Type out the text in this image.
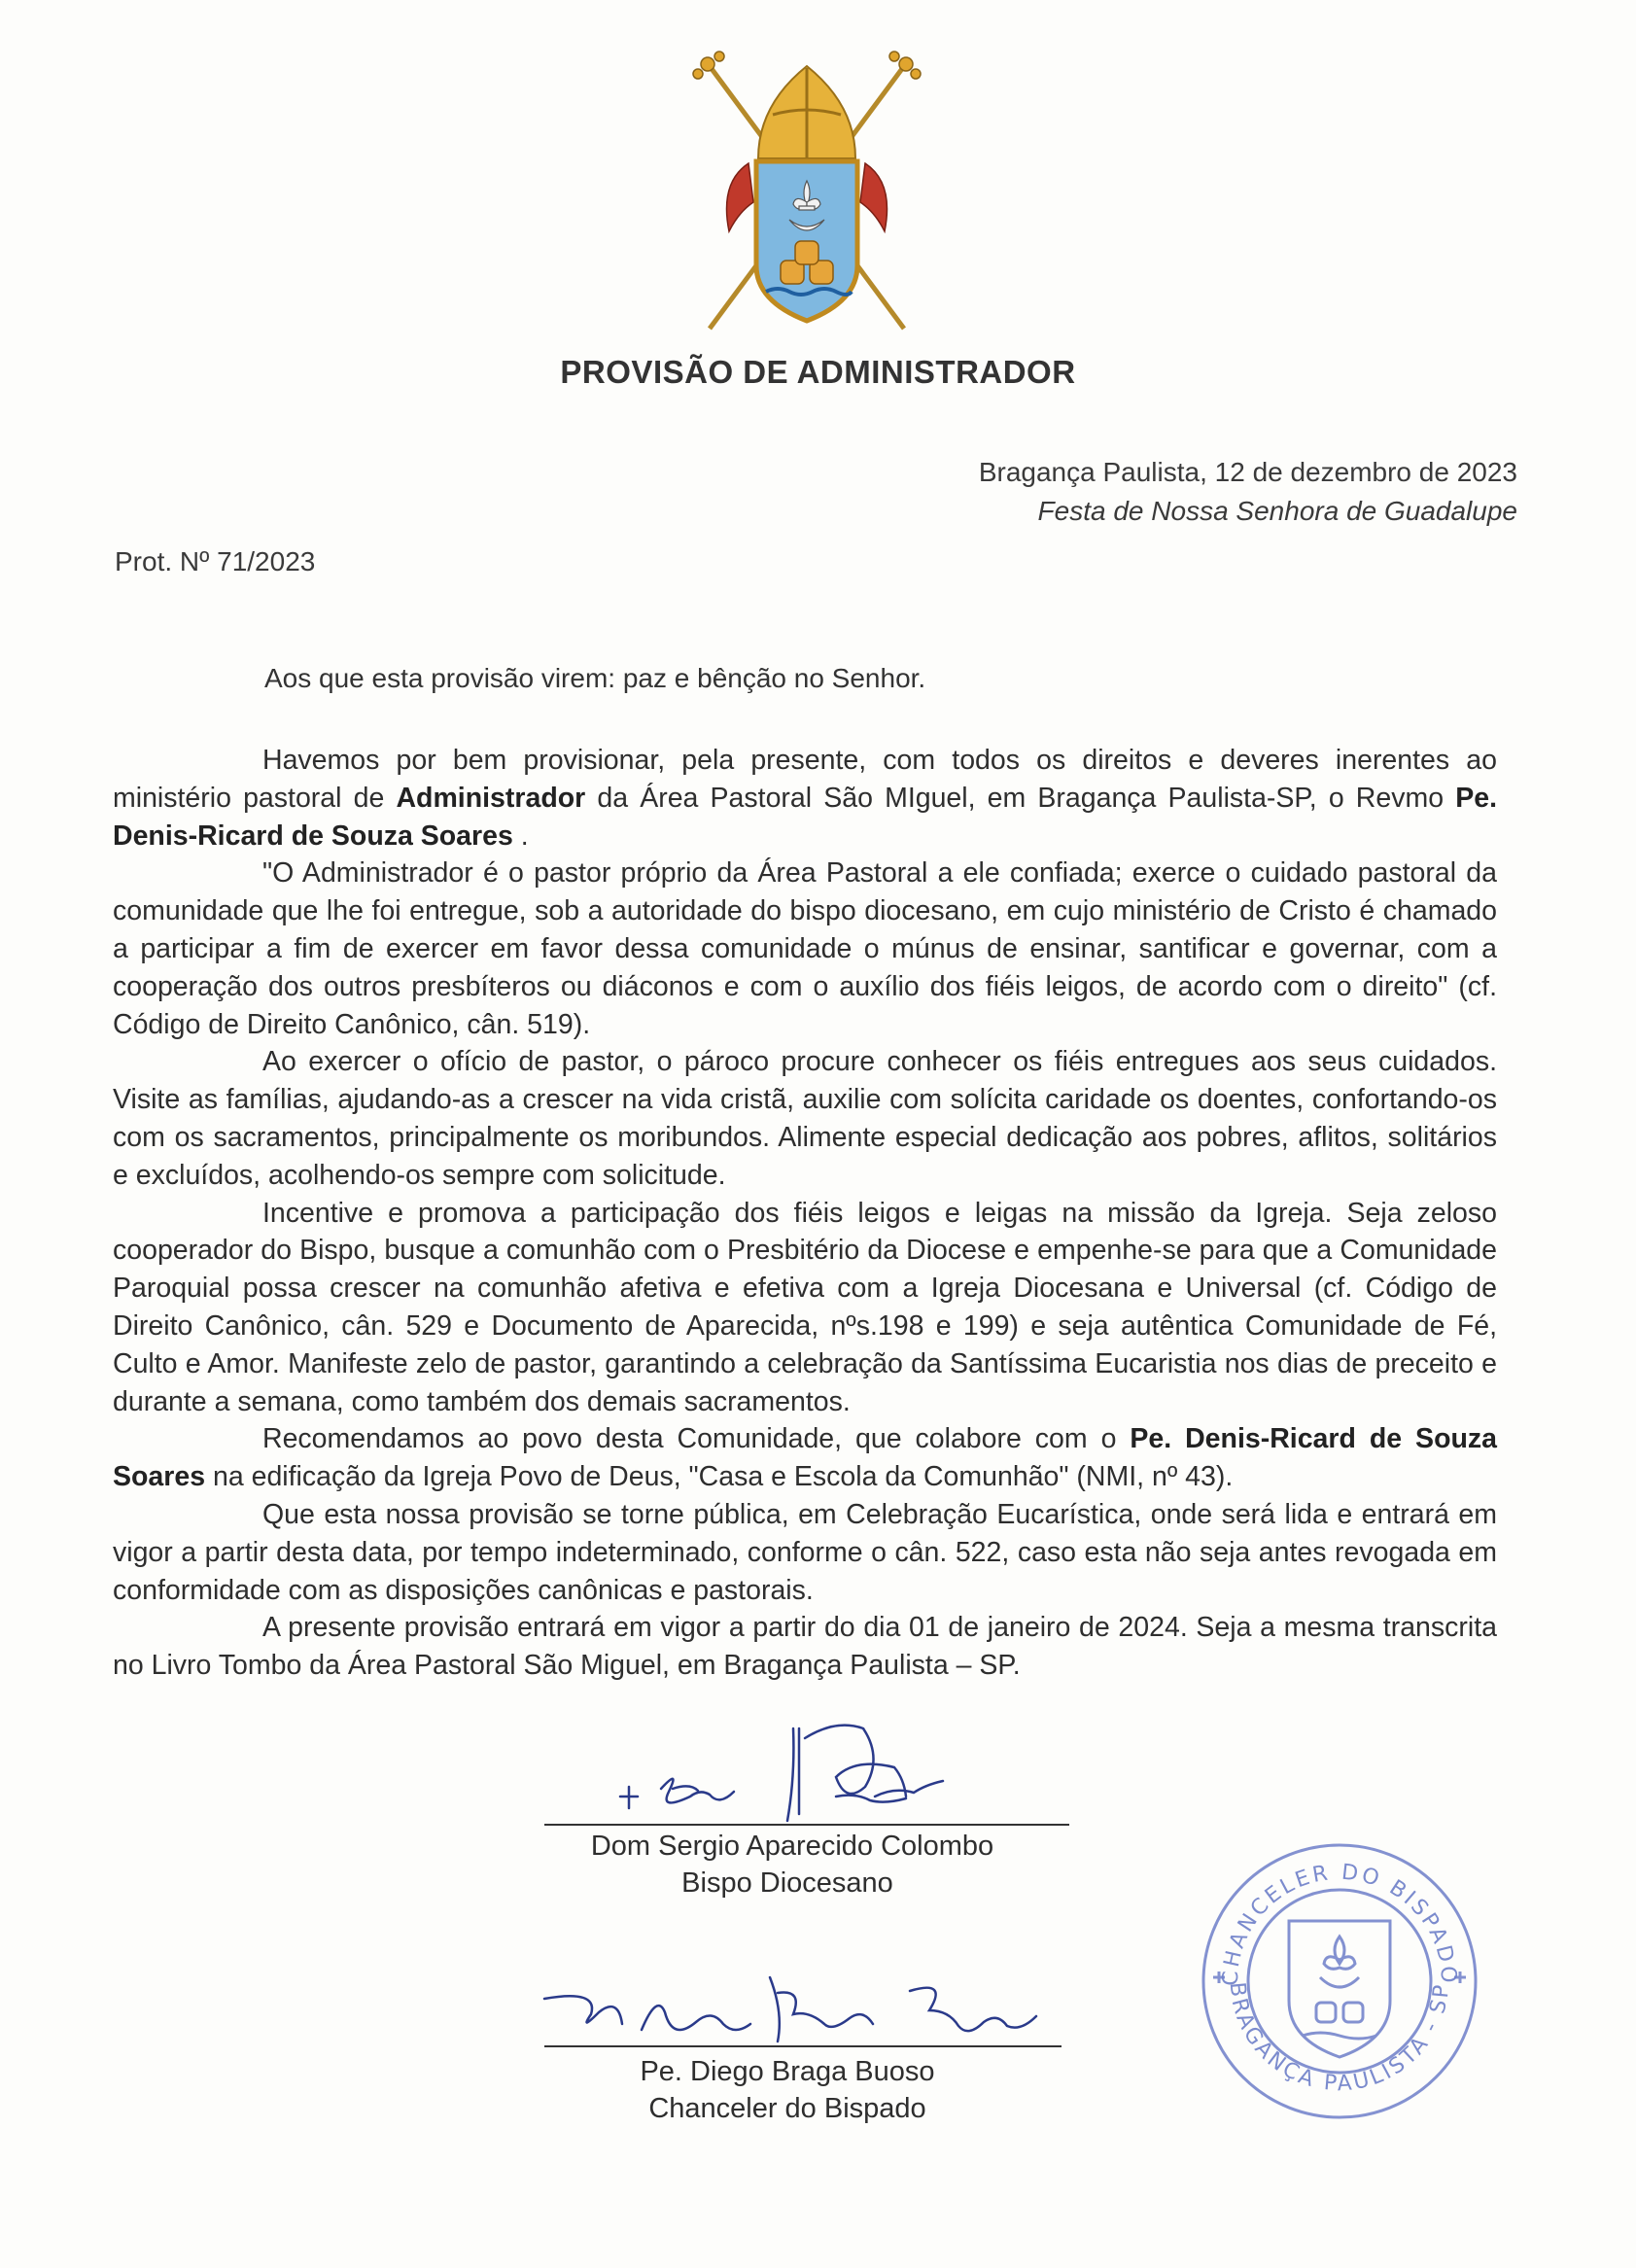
PROVISÃO DE ADMINISTRADOR
Bragança Paulista, 12 de dezembro de 2023
Festa de Nossa Senhora de Guadalupe
Prot. Nº 71/2023
Aos que esta provisão virem: paz e bênção no Senhor.

Havemos por bem provisionar, pela presente, com todos os direitos e deveres inerentes ao ministério pastoral de Administrador da Área Pastoral São MIguel, em Bragança Paulista-SP, o Revmo Pe. Denis-Ricard de Souza Soares .

"O Administrador é o pastor próprio da Área Pastoral a ele confiada; exerce o cuidado pastoral da comunidade que lhe foi entregue, sob a autoridade do bispo diocesano, em cujo ministério de Cristo é chamado a participar a fim de exercer em favor dessa comunidade o múnus de ensinar, santificar e governar, com a cooperação dos outros presbíteros ou diáconos e com o auxílio dos fiéis leigos, de acordo com o direito" (cf. Código de Direito Canônico, cân. 519).

Ao exercer o ofício de pastor, o pároco procure conhecer os fiéis entregues aos seus cuidados. Visite as famílias, ajudando-as a crescer na vida cristã, auxilie com solícita caridade os doentes, confortando-os com os sacramentos, principalmente os moribundos. Alimente especial dedicação aos pobres, aflitos, solitários e excluídos, acolhendo-os sempre com solicitude.

Incentive e promova a participação dos fiéis leigos e leigas na missão da Igreja. Seja zeloso cooperador do Bispo, busque a comunhão com o Presbitério da Diocese e empenhe-se para que a Comunidade Paroquial possa crescer na comunhão afetiva e efetiva com a Igreja Diocesana e Universal (cf. Código de Direito Canônico, cân. 529 e Documento de Aparecida, nºs.198 e 199) e seja autêntica Comunidade de Fé, Culto e Amor. Manifeste zelo de pastor, garantindo a celebração da Santíssima Eucaristia nos dias de preceito e durante a semana, como também dos demais sacramentos.

Recomendamos ao povo desta Comunidade, que colabore com o Pe. Denis-Ricard de Souza Soares na edificação da Igreja Povo de Deus, "Casa e Escola da Comunhão" (NMI, nº 43).

Que esta nossa provisão se torne pública, em Celebração Eucarística, onde será lida e entrará em vigor a partir desta data, por tempo indeterminado, conforme o cân. 522, caso esta não seja antes revogada em conformidade com as disposições canônicas e pastorais.

A presente provisão entrará em vigor a partir do dia 01 de janeiro de 2024. Seja a mesma transcrita no Livro Tombo da Área Pastoral São Miguel, em Bragança Paulista – SP.

Dom Sergio Aparecido Colombo
Bispo Diocesano
Pe. Diego Braga Buoso
Chanceler do Bispado
CHANCELER DO BISPADO
BRAGANÇA PAULISTA - SP
